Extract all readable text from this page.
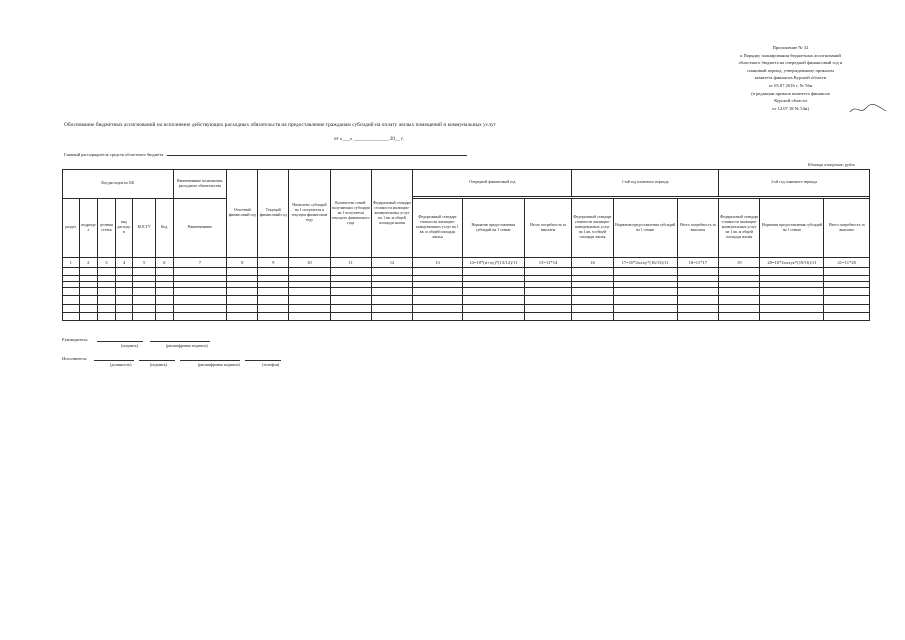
Приложение № 32
к Порядку планирования бюджетных ассигнований
областного бюджета на очередной финансовый год и
плановый период, утвержденному приказом
комитета финансов Курской области
от 05.07.2016 г. № 56н
(в редакции приказа комитета финансов
Курской области
от 12.07.18 № 54н)
Обоснование бюджетных ассигнований на исполнение действующих расходных обязательств на предоставление гражданам субсидий на оплату жилых помещений и коммунальных услуг
от «___» ______________ 20__ г.
Главный распорядитель средств областного бюджета
Единица измерения: рубли
Код расходов по БК						Наименование полномочия, расходного обязательства	Отчетный финансовый год	Текущий финансовый год	Начислено субсидий на 1 получателя в текущем финансовом году	Количество семей, получающих субсидии на 1 получателя текущего финансового года	Федеральный стандарт стоимости жилищно-коммунальных услуг на 1 кв. м общей площади жилья	Очередной финансовый год			1-ый год планового периода			2-ой год планового периода		

раздел	подраздел	целевая статья	вид расходов	КОСГУ	Код	Наименование						Федеральный стандарт стоимости жилищно-коммунальных услуг на 1 кв. м общей площади жилья	Норматив предоставления субсидий на 1 семью	Итого потребность за выплаты	Федеральный стандарт стоимости жилищно-коммунальных услуг на 1 кв. м общей площади жилья	Норматив предоставления субсидий на 1 семью	Итого потребность за выплаты	Федеральный стандарт стоимости жилищно-коммунальных услуг на 1 кв. м общей площади жилья	Норматив предоставления субсидий на 1 семью	Итого потребность за выплаты
1	2	3	4	5	6	7	8	9	10	11	12	13	14=10*(n+xy)*(13/12)/11	15=11*14	16	17=10*2xxxy*(16/13)/11	18=11*17	19	20=10*2xxxyz*(19/16)/11	21=11*20

Руководитель
(подпись)	(расшифровка подписи)
Исполнитель
(должность)	(подпись)	(расшифровка подписи)	(телефон)
